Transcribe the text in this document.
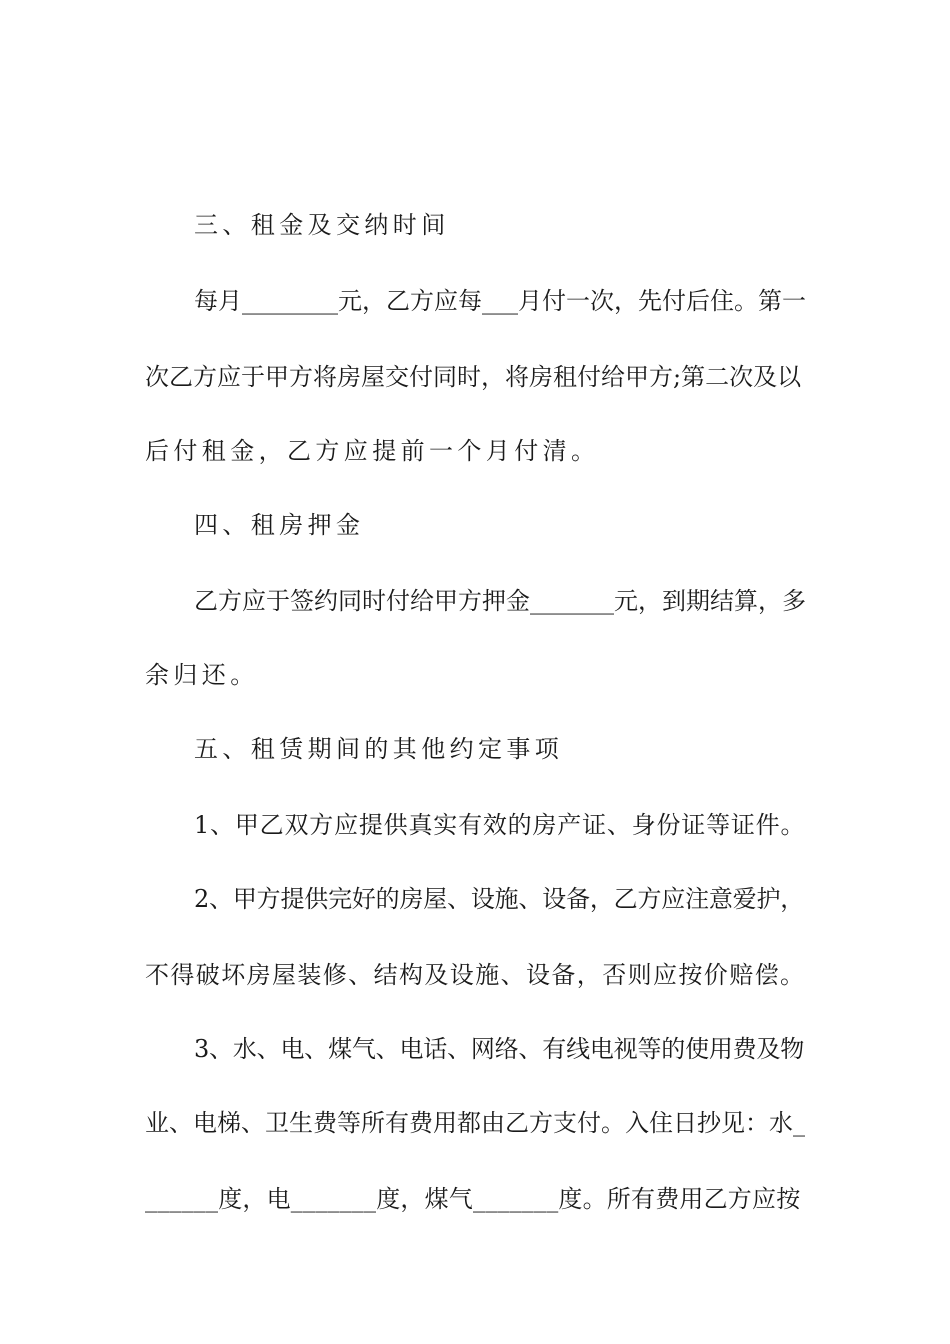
三、租金及交纳时间
每月________元，乙方应每___月付一次，先付后住。第一
次乙方应于甲方将房屋交付同时，将房租付给甲方;第二次及以
后付租金，乙方应提前一个月付清。
四、租房押金
乙方应于签约同时付给甲方押金_______元，到期结算，多
余归还。
五、租赁期间的其他约定事项
1、甲乙双方应提供真实有效的房产证、身份证等证件。
2、甲方提供完好的房屋、设施、设备，乙方应注意爱护，
不得破坏房屋装修、结构及设施、设备，否则应按价赔偿。
3、水、电、煤气、电话、网络、有线电视等的使用费及物
业、电梯、卫生费等所有费用都由乙方支付。入住日抄见：水_
______度，电_______度，煤气_______度。所有费用乙方应按
